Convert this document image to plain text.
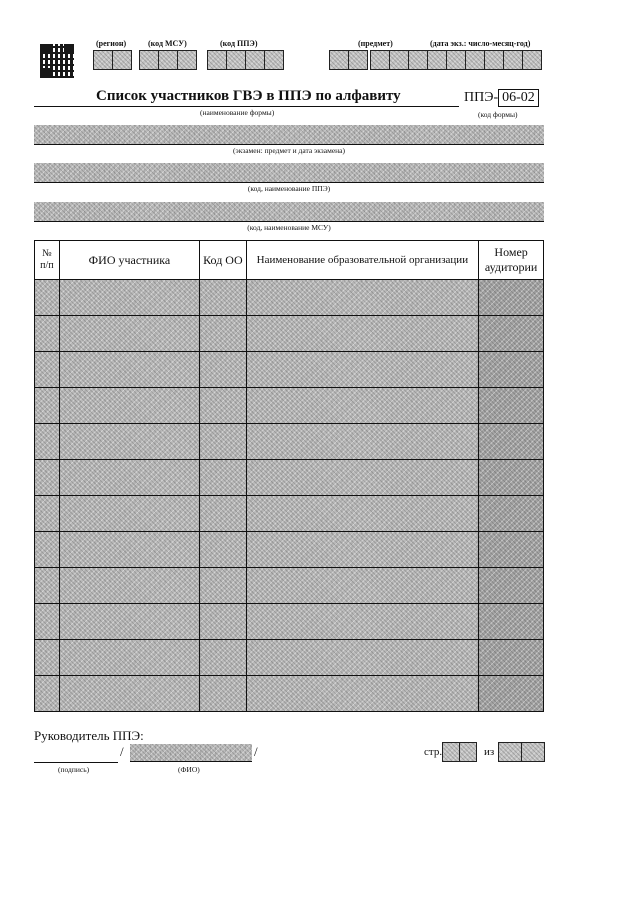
(регион)	(код МСУ)	(код ППЭ)	(предмет)	(дата экз.: число-месяц-год)
Список участников ГВЭ в ППЭ по алфавиту
(наименование формы)
ППЭ- 06-02
(код формы)
(экзамен: предмет и дата экзамена)
(код, наименование ППЭ)
(код, наименование МСУ)
№ п/п	ФИО участника	Код ОО	Наименование образовательной организации	Номер аудитории

Руководитель ППЭ:
/	/
(подпись)	(ФИО)
стр.	из
